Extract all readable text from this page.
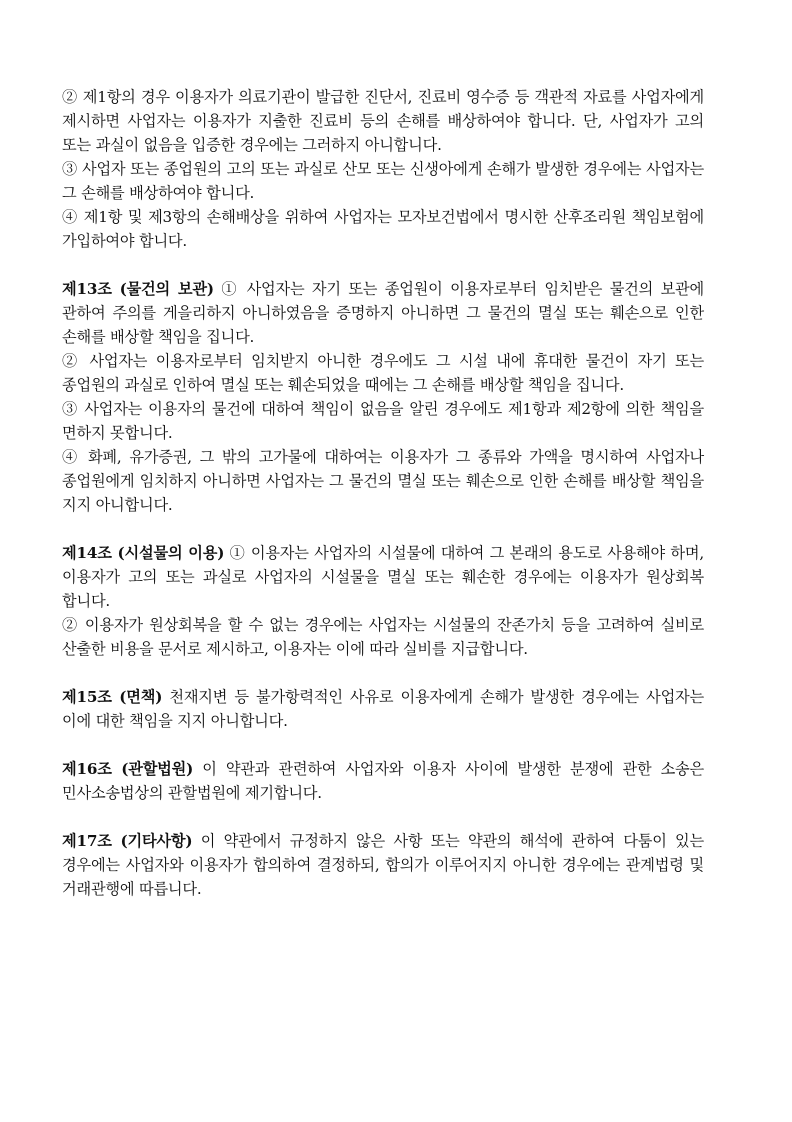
② 제1항의 경우 이용자가 의료기관이 발급한 진단서, 진료비 영수증 등 객관적 자료를 사업자에게 제시하면 사업자는 이용자가 지출한 진료비 등의 손해를 배상하여야 합니다. 단, 사업자가 고의 또는 과실이 없음을 입증한 경우에는 그러하지 아니합니다.

③ 사업자 또는 종업원의 고의 또는 과실로 산모 또는 신생아에게 손해가 발생한 경우에는 사업자는 그 손해를 배상하여야 합니다.

④ 제1항 및 제3항의 손해배상을 위하여 사업자는 모자보건법에서 명시한 산후조리원 책임보험에 가입하여야 합니다.

제13조 (물건의 보관) ① 사업자는 자기 또는 종업원이 이용자로부터 임치받은 물건의 보관에 관하여 주의를 게을리하지 아니하였음을 증명하지 아니하면 그 물건의 멸실 또는 훼손으로 인한 손해를 배상할 책임을 집니다.

② 사업자는 이용자로부터 임치받지 아니한 경우에도 그 시설 내에 휴대한 물건이 자기 또는 종업원의 과실로 인하여 멸실 또는 훼손되었을 때에는 그 손해를 배상할 책임을 집니다.

③ 사업자는 이용자의 물건에 대하여 책임이 없음을 알린 경우에도 제1항과 제2항에 의한 책임을 면하지 못합니다.

④ 화폐, 유가증권, 그 밖의 고가물에 대하여는 이용자가 그 종류와 가액을 명시하여 사업자나 종업원에게 임치하지 아니하면 사업자는 그 물건의 멸실 또는 훼손으로 인한 손해를 배상할 책임을 지지 아니합니다.

제14조 (시설물의 이용) ① 이용자는 사업자의 시설물에 대하여 그 본래의 용도로 사용해야 하며, 이용자가 고의 또는 과실로 사업자의 시설물을 멸실 또는 훼손한 경우에는 이용자가 원상회복 합니다.

② 이용자가 원상회복을 할 수 없는 경우에는 사업자는 시설물의 잔존가치 등을 고려하여 실비로 산출한 비용을 문서로 제시하고, 이용자는 이에 따라 실비를 지급합니다.

제15조 (면책) 천재지변 등 불가항력적인 사유로 이용자에게 손해가 발생한 경우에는 사업자는 이에 대한 책임을 지지 아니합니다.

제16조 (관할법원) 이 약관과 관련하여 사업자와 이용자 사이에 발생한 분쟁에 관한 소송은 민사소송법상의 관할법원에 제기합니다.

제17조 (기타사항) 이 약관에서 규정하지 않은 사항 또는 약관의 해석에 관하여 다툼이 있는 경우에는 사업자와 이용자가 합의하여 결정하되, 합의가 이루어지지 아니한 경우에는 관계법령 및 거래관행에 따릅니다.
